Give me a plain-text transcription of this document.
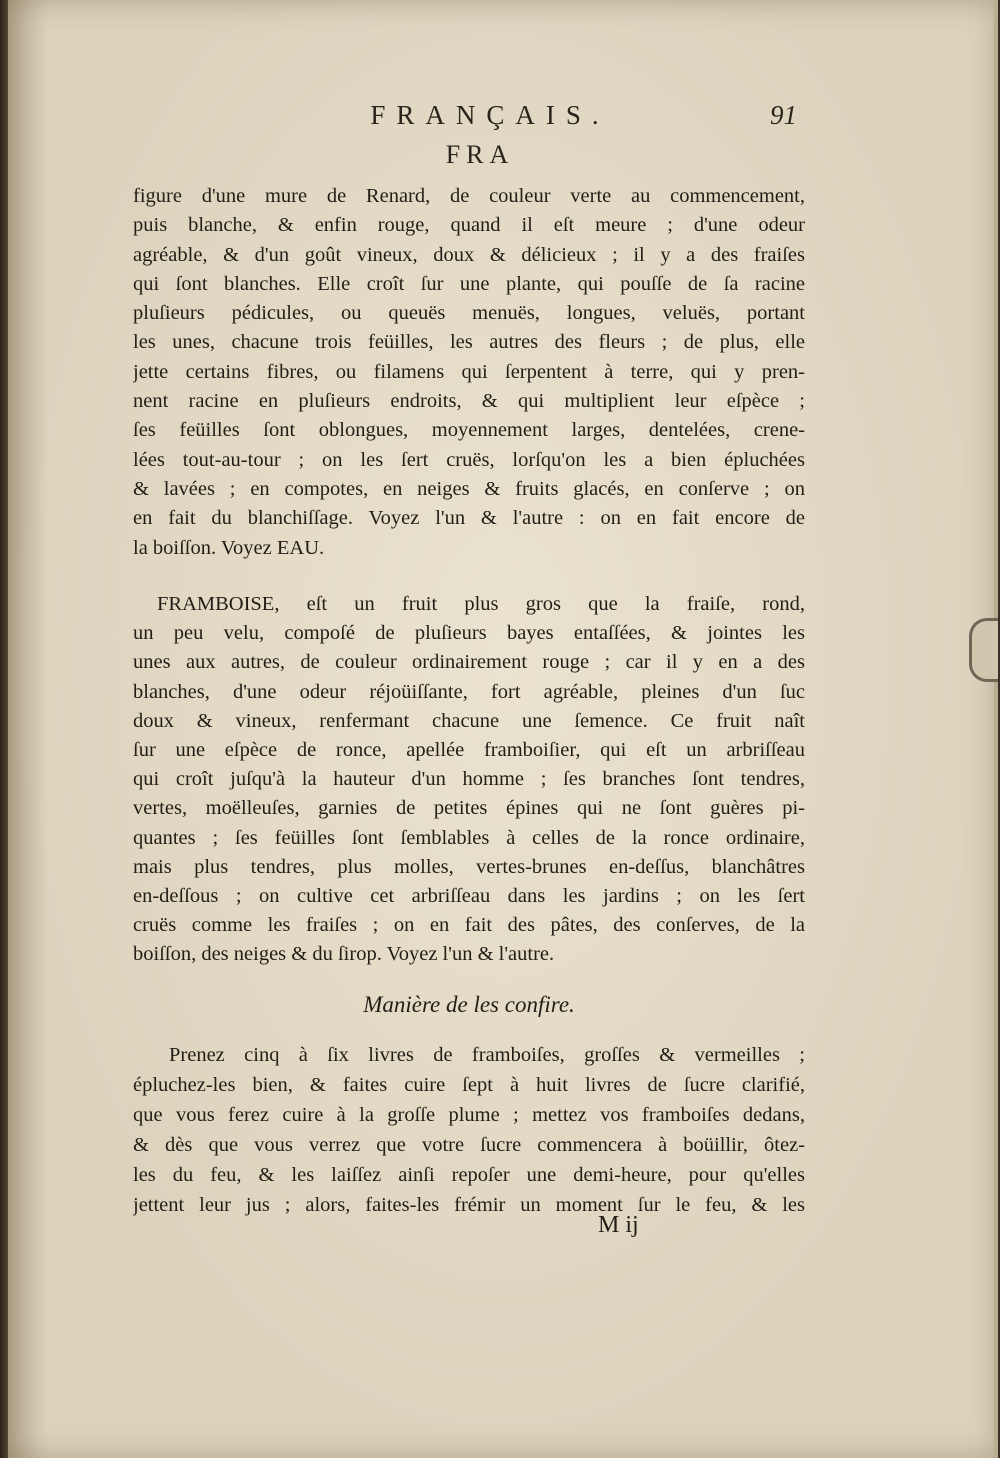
FRANÇAIS.	91
FRA
figure d'une mure de Renard, de couleur verte au commencement,
puis blanche, & enfin rouge, quand il eſt meure ; d'une odeur
agréable, & d'un goût vineux, doux & délicieux ; il y a des fraiſes
qui ſont blanches. Elle croît ſur une plante, qui pouſſe de ſa racine
pluſieurs pédicules, ou queuës menuës, longues, veluës, portant
les unes, chacune trois feüilles, les autres des fleurs ; de plus, elle
jette certains fibres, ou filamens qui ſerpentent à terre, qui y pren-
nent racine en pluſieurs endroits, & qui multiplient leur eſpèce ;
ſes feüilles ſont oblongues, moyennement larges, dentelées, crene-
lées tout-au-tour ; on les ſert cruës, lorſqu'on les a bien épluchées
& lavées ; en compotes, en neiges & fruits glacés, en conſerve ; on
en fait du blanchiſſage. Voyez l'un & l'autre : on en fait encore de
la boiſſon. Voyez EAU.
FRAMBOISE, eſt un fruit plus gros que la fraiſe, rond,
un peu velu, compoſé de pluſieurs bayes entaſſées, & jointes les
unes aux autres, de couleur ordinairement rouge ; car il y en a des
blanches, d'une odeur réjoüiſſante, fort agréable, pleines d'un ſuc
doux & vineux, renfermant chacune une ſemence. Ce fruit naît
ſur une eſpèce de ronce, apellée framboiſier, qui eſt un arbriſſeau
qui croît juſqu'à la hauteur d'un homme ; ſes branches ſont tendres,
vertes, moëlleuſes, garnies de petites épines qui ne ſont guères pi-
quantes ; ſes feüilles ſont ſemblables à celles de la ronce ordinaire,
mais plus tendres, plus molles, vertes-brunes en-deſſus, blanchâtres
en-deſſous ; on cultive cet arbriſſeau dans les jardins ; on les ſert
cruës comme les fraiſes ; on en fait des pâtes, des conſerves, de la
boiſſon, des neiges & du ſirop. Voyez l'un & l'autre.
Manière de les confire.
Prenez cinq à ſix livres de framboiſes, groſſes & vermeilles ;
épluchez-les bien, & faites cuire ſept à huit livres de ſucre clarifié,
que vous ferez cuire à la groſſe plume ; mettez vos framboiſes dedans,
& dès que vous verrez que votre ſucre commencera à boüillir, ôtez-
les du feu, & les laiſſez ainſi repoſer une demi-heure, pour qu'elles
jettent leur jus ; alors, faites-les frémir un moment ſur le feu, & les
M ij
